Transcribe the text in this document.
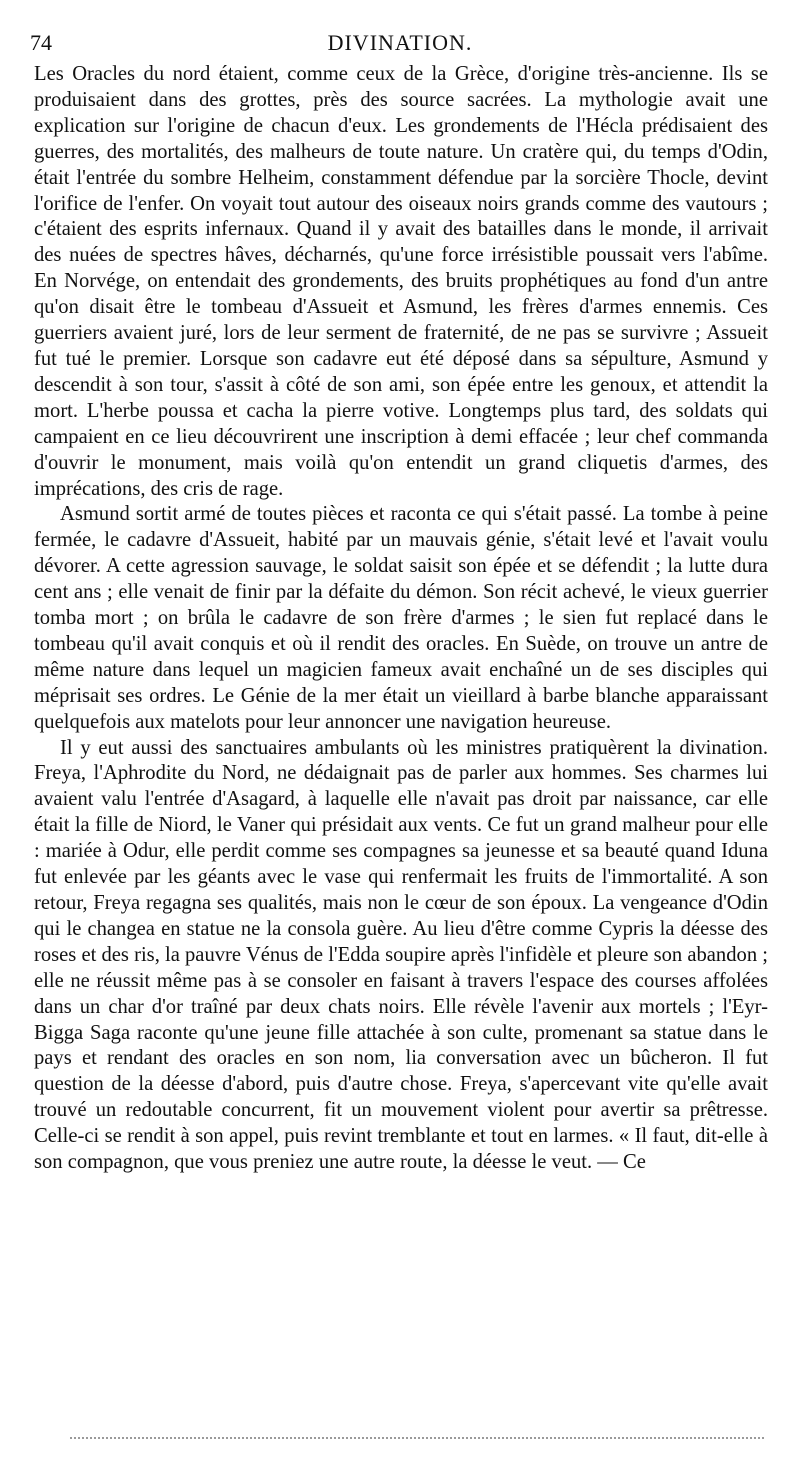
74	DIVINATION.

Les Oracles du nord étaient, comme ceux de la Grèce, d'origine très-ancienne. Ils se produisaient dans des grottes, près des source sacrées. La mythologie avait une explication sur l'origine de chacun d'eux. Les grondements de l'Hécla prédisaient des guerres, des mortalités, des malheurs de toute nature. Un cratère qui, du temps d'Odin, était l'entrée du sombre Helheim, constamment défendue par la sorcière Thocle, devint l'orifice de l'enfer. On voyait tout autour des oiseaux noirs grands comme des vautours ; c'étaient des esprits infernaux. Quand il y avait des batailles dans le monde, il arrivait des nuées de spectres hâves, décharnés, qu'une force irrésistible poussait vers l'abîme. En Norvége, on entendait des grondements, des bruits prophétiques au fond d'un antre qu'on disait être le tombeau d'Assueit et Asmund, les frères d'armes ennemis. Ces guerriers avaient juré, lors de leur serment de fraternité, de ne pas se survivre ; Assueit fut tué le premier. Lorsque son cadavre eut été déposé dans sa sépulture, Asmund y descendit à son tour, s'assit à côté de son ami, son épée entre les genoux, et attendit la mort. L'herbe poussa et cacha la pierre votive. Longtemps plus tard, des soldats qui campaient en ce lieu découvrirent une inscription à demi effacée ; leur chef commanda d'ouvrir le monument, mais voilà qu'on entendit un grand cliquetis d'armes, des imprécations, des cris de rage.

Asmund sortit armé de toutes pièces et raconta ce qui s'était passé. La tombe à peine fermée, le cadavre d'Assueit, habité par un mauvais génie, s'était levé et l'avait voulu dévorer. A cette agression sauvage, le soldat saisit son épée et se défendit ; la lutte dura cent ans ; elle venait de finir par la défaite du démon. Son récit achevé, le vieux guerrier tomba mort ; on brûla le cadavre de son frère d'armes ; le sien fut replacé dans le tombeau qu'il avait conquis et où il rendit des oracles. En Suède, on trouve un antre de même nature dans lequel un magicien fameux avait enchaîné un de ses disciples qui méprisait ses ordres. Le Génie de la mer était un vieillard à barbe blanche apparaissant quelquefois aux matelots pour leur annoncer une navigation heureuse.

Il y eut aussi des sanctuaires ambulants où les ministres pratiquèrent la divination. Freya, l'Aphrodite du Nord, ne dédaignait pas de parler aux hommes. Ses charmes lui avaient valu l'entrée d'Asagard, à laquelle elle n'avait pas droit par naissance, car elle était la fille de Niord, le Vaner qui présidait aux vents. Ce fut un grand malheur pour elle : mariée à Odur, elle perdit comme ses compagnes sa jeunesse et sa beauté quand Iduna fut enlevée par les géants avec le vase qui renfermait les fruits de l'immortalité. A son retour, Freya regagna ses qualités, mais non le cœur de son époux. La vengeance d'Odin qui le changea en statue ne la consola guère. Au lieu d'être comme Cypris la déesse des roses et des ris, la pauvre Vénus de l'Edda soupire après l'infidèle et pleure son abandon ; elle ne réussit même pas à se consoler en faisant à travers l'espace des courses affolées dans un char d'or traîné par deux chats noirs. Elle révèle l'avenir aux mortels ; l'Eyr-Bigga Saga raconte qu'une jeune fille attachée à son culte, promenant sa statue dans le pays et rendant des oracles en son nom, lia conversation avec un bûcheron. Il fut question de la déesse d'abord, puis d'autre chose. Freya, s'apercevant vite qu'elle avait trouvé un redoutable concurrent, fit un mouvement violent pour avertir sa prêtresse. Celle-ci se rendit à son appel, puis revint tremblante et tout en larmes. « Il faut, dit-elle à son compagnon, que vous preniez une autre route, la déesse le veut. — Ce
